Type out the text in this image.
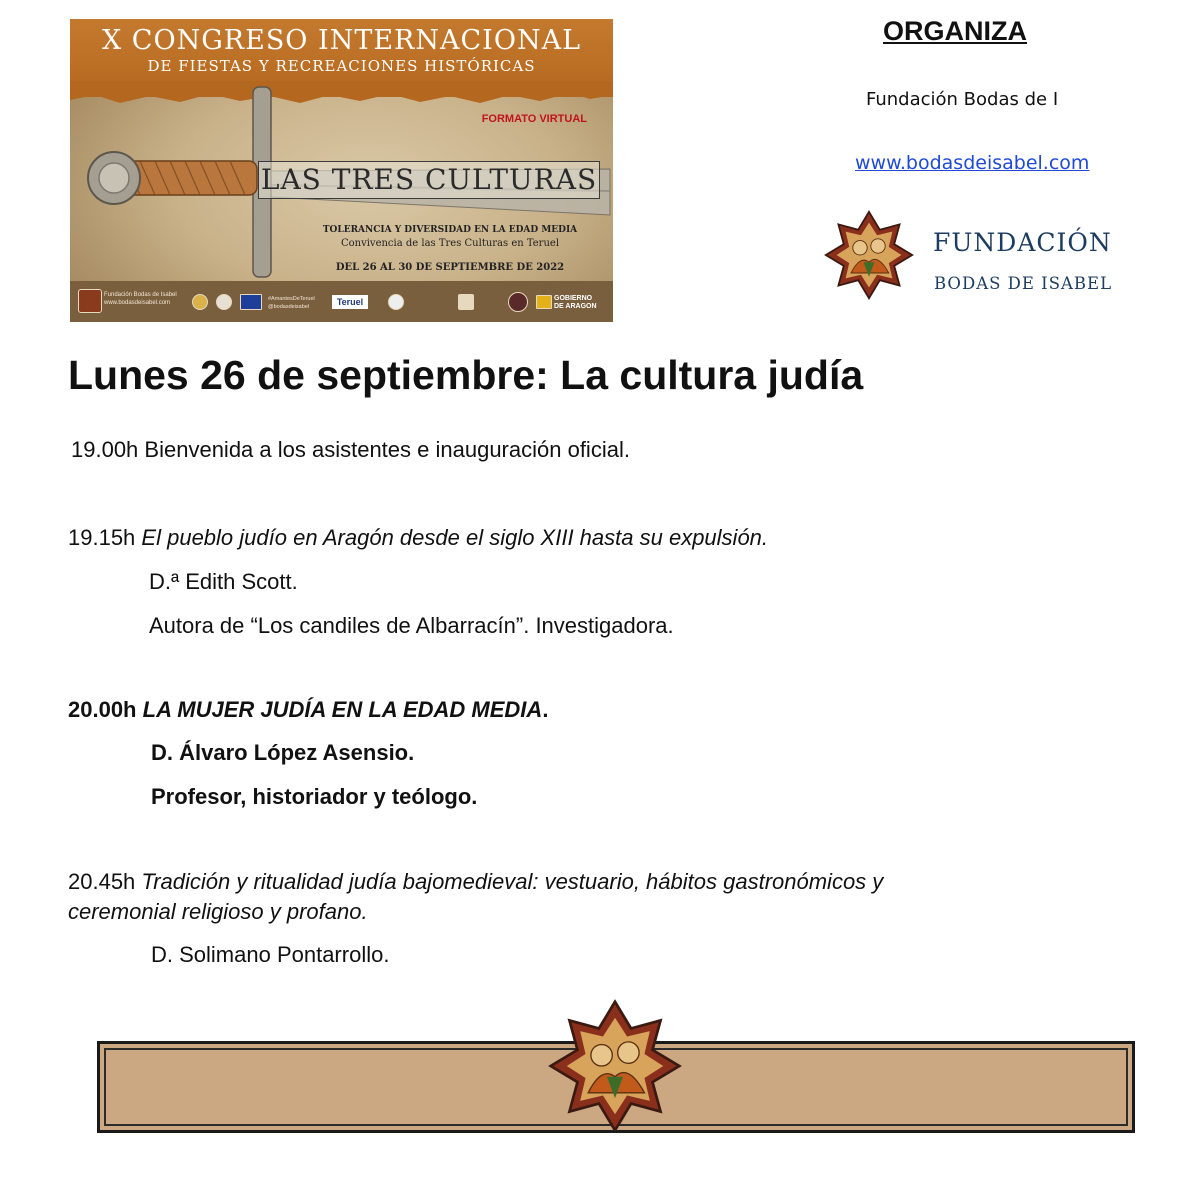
X CONGRESO INTERNACIONAL
DE FIESTAS Y RECREACIONES HISTÓRICAS
FORMATO VIRTUAL
LAS TRES CULTURAS
TOLERANCIA Y DIVERSIDAD EN LA EDAD MEDIA
Convivencia de las Tres Culturas en Teruel
DEL 26 AL 30 DE SEPTIEMBRE DE 2022
Fundación Bodas de Isabel
www.bodasdeisabel.com
#AmantesDeTeruel
@bodasdeisabel	Teruel	GOBIERNO
DE ARAGON
ORGANIZA
Fundación Bodas de I
www.bodasdeisabel.com
FUNDACIÓN
BODAS DE ISABEL
Lunes 26 de septiembre: La cultura judía
19.00h Bienvenida a los asistentes e inauguración oficial.
19.15h El pueblo judío en Aragón desde el siglo XIII hasta su expulsión.
D.ª Edith Scott.
Autora de “Los candiles de Albarracín”. Investigadora.
20.00h LA MUJER JUDÍA EN LA EDAD MEDIA.
D. Álvaro López Asensio.
Profesor, historiador y teólogo.
20.45h Tradición y ritualidad judía bajomedieval: vestuario, hábitos gastronómicos y
ceremonial religioso y profano.
D. Solimano Pontarrollo.
